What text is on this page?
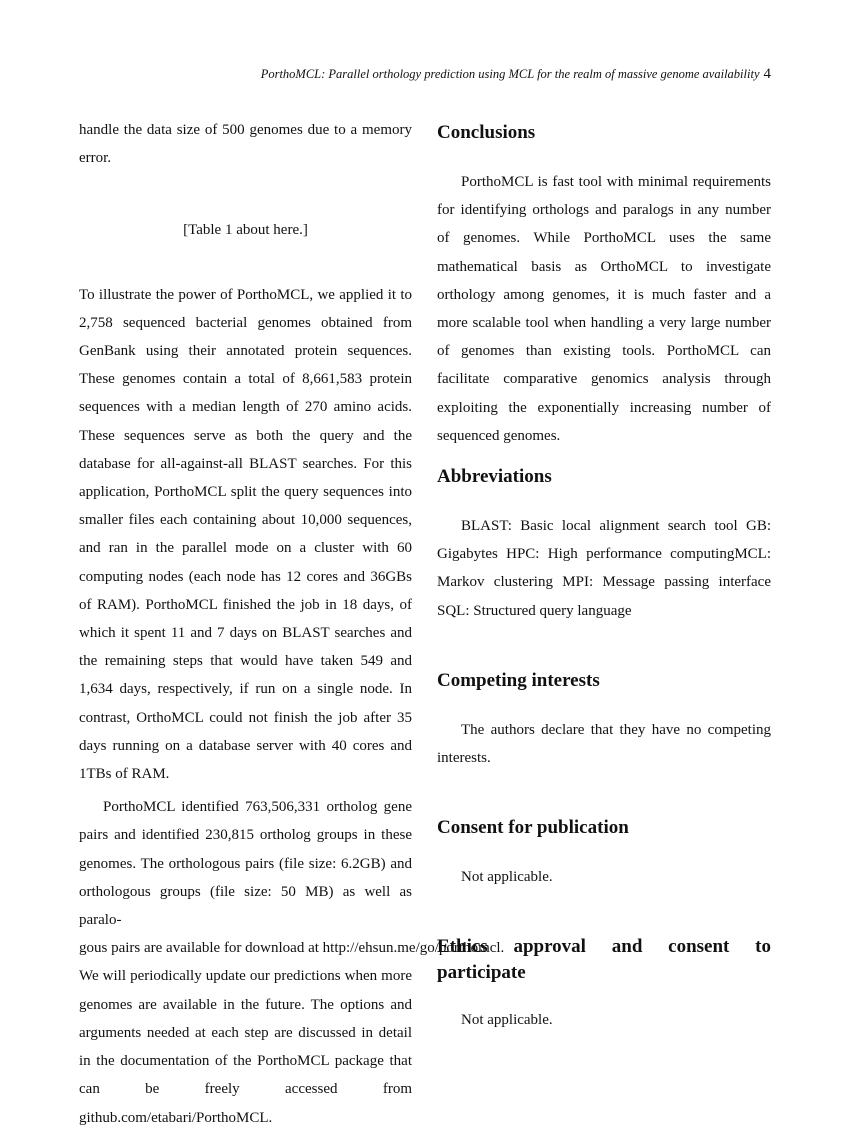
PorthoMCL: Parallel orthology prediction using MCL for the realm of massive genome availability 4

handle the data size of 500 genomes due to a memory error.

[Table 1 about here.]

To illustrate the power of PorthoMCL, we applied it to 2,758 sequenced bacterial genomes obtained from GenBank using their annotated protein sequences. These genomes contain a total of 8,661,583 protein sequences with a median length of 270 amino acids. These sequences serve as both the query and the database for all-against-all BLAST searches. For this application, PorthoMCL split the query sequences into smaller files each containing about 10,000 sequences, and ran in the parallel mode on a cluster with 60 computing nodes (each node has 12 cores and 36GBs of RAM). PorthoMCL finished the job in 18 days, of which it spent 11 and 7 days on BLAST searches and the remaining steps that would have taken 549 and 1,634 days, respectively, if run on a single node. In contrast, OrthoMCL could not finish the job after 35 days running on a database server with 40 cores and 1TBs of RAM.

PorthoMCL identified 763,506,331 ortholog gene pairs and identified 230,815 ortholog groups in these genomes. The orthologous pairs (file size: 6.2GB) and orthologous groups (file size: 50 MB) as well as paralo-

gous pairs are available for download at http://ehsun.me/go/porthomcl.

We will periodically update our predictions when more genomes are available in the future. The options and arguments needed at each step are discussed in detail in the documentation of the PorthoMCL package that can be freely accessed from github.com/etabari/PorthoMCL.

Conclusions

PorthoMCL is fast tool with minimal requirements for identifying orthologs and paralogs in any number of genomes. While PorthoMCL uses the same mathematical basis as OrthoMCL to investigate orthology among genomes, it is much faster and a more scalable tool when handling a very large number of genomes than existing tools. PorthoMCL can facilitate comparative genomics analysis through exploiting the exponentially increasing number of sequenced genomes.

Abbreviations

BLAST: Basic local alignment search tool GB: Gigabytes HPC: High performance computingMCL: Markov clustering MPI: Message passing interface SQL: Structured query language

Competing interests

The authors declare that they have no competing interests.

Consent for publication

Not applicable.

Ethics approval and consent to participate

Not applicable.
